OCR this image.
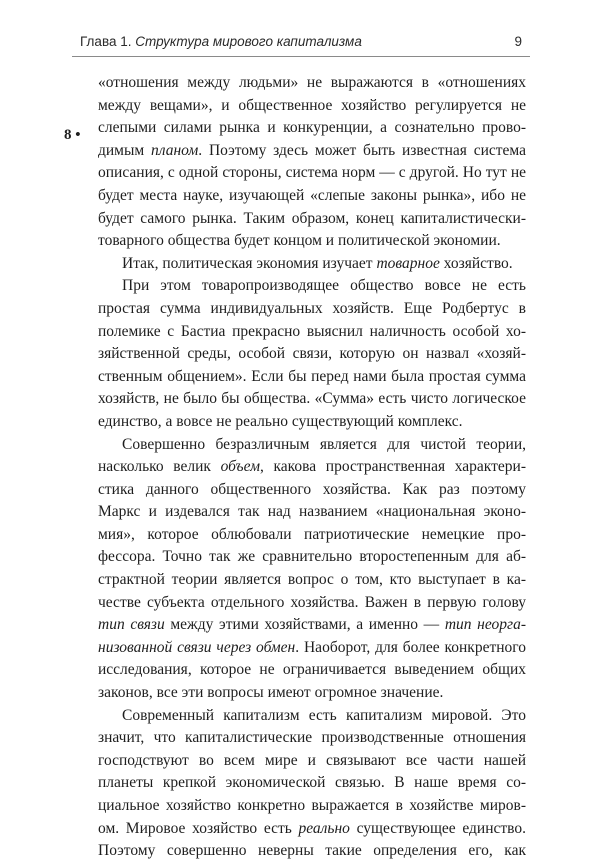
Глава 1. Структура мирового капитализма	9
8 •
«отношения между людьми» не выражаются в «отношениях
между вещами», и общественное хозяйство регулируется не
слепыми силами рынка и конкуренции, а сознательно прово-
димым планом. Поэтому здесь может быть известная система
описания, с одной стороны, система норм — с другой. Но тут не
будет места науке, изучающей «слепые законы рынка», ибо не
будет самого рынка. Таким образом, конец капиталистически-
товарного общества будет концом и политической экономии.
Итак, политическая экономия изучает товарное хозяйство.
При этом товаропроизводящее общество вовсе не есть
простая сумма индивидуальных хозяйств. Еще Родбертус в
полемике с Бастиа прекрасно выяснил наличность особой хо-
зяйственной среды, особой связи, которую он назвал «хозяй-
ственным общением». Если бы перед нами была простая сумма
хозяйств, не было бы общества. «Сумма» есть чисто логическое
единство, а вовсе не реально существующий комплекс.
Совершенно безразличным является для чистой теории,
насколько велик объем, какова пространственная характери-
стика данного общественного хозяйства. Как раз поэтому
Маркс и издевался так над названием «национальная эконо-
мия», которое облюбовали патриотические немецкие про-
фессора. Точно так же сравнительно второстепенным для аб-
страктной теории является вопрос о том, кто выступает в ка-
честве субъекта отдельного хозяйства. Важен в первую голову
тип связи между этими хозяйствами, а именно — тип неорга-
низованной связи через обмен. Наоборот, для более конкретного
исследования, которое не ограничивается выведением общих
законов, все эти вопросы имеют огромное значение.
Современный капитализм есть капитализм мировой. Это
значит, что капиталистические производственные отношения
господствуют во всем мире и связывают все части нашей
планеты крепкой экономической связью. В наше время со-
циальное хозяйство конкретно выражается в хозяйстве миров-
ом. Мировое хозяйство есть реально существующее единство.
Поэтому совершенно неверны такие определения его, как
